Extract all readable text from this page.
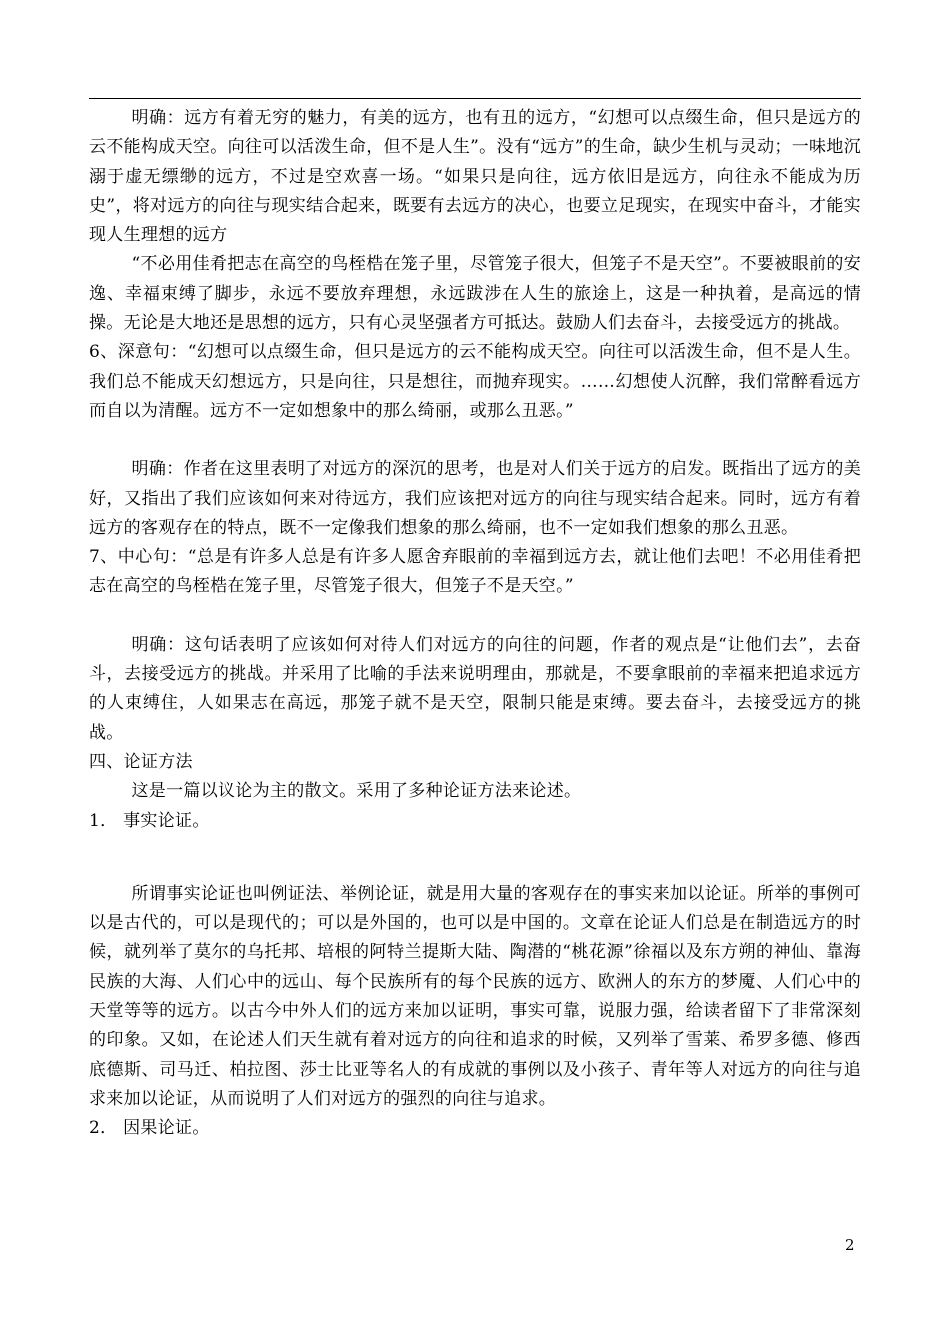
明确：远方有着无穷的魅力，有美的远方，也有丑的远方，“幻想可以点缀生命，但只是远方的云不能构成天空。向往可以活泼生命，但不是人生”。没有“远方”的生命，缺少生机与灵动；一味地沉溺于虚无缥缈的远方，不过是空欢喜一场。“如果只是向往，远方依旧是远方，向往永不能成为历史”，将对远方的向往与现实结合起来，既要有去远方的决心，也要立足现实，在现实中奋斗，才能实现人生理想的远方

“不必用佳肴把志在高空的鸟桎梏在笼子里，尽管笼子很大，但笼子不是天空”。不要被眼前的安逸、幸福束缚了脚步，永远不要放弃理想，永远跋涉在人生的旅途上，这是一种执着，是高远的情操。无论是大地还是思想的远方，只有心灵坚强者方可抵达。鼓励人们去奋斗，去接受远方的挑战。

6、深意句：“幻想可以点缀生命，但只是远方的云不能构成天空。向往可以活泼生命，但不是人生。我们总不能成天幻想远方，只是向往，只是想往，而抛弃现实。……幻想使人沉醉，我们常醉看远方而自以为清醒。远方不一定如想象中的那么绮丽，或那么丑恶。”

明确：作者在这里表明了对远方的深沉的思考，也是对人们关于远方的启发。既指出了远方的美好，又指出了我们应该如何来对待远方，我们应该把对远方的向往与现实结合起来。同时，远方有着远方的客观存在的特点，既不一定像我们想象的那么绮丽，也不一定如我们想象的那么丑恶。

7、中心句：“总是有许多人总是有许多人愿舍弃眼前的幸福到远方去，就让他们去吧！不必用佳肴把志在高空的鸟桎梏在笼子里，尽管笼子很大，但笼子不是天空。”

明确：这句话表明了应该如何对待人们对远方的向往的问题，作者的观点是“让他们去”，去奋斗，去接受远方的挑战。并采用了比喻的手法来说明理由，那就是，不要拿眼前的幸福来把追求远方的人束缚住，人如果志在高远，那笼子就不是天空，限制只能是束缚。要去奋斗，去接受远方的挑战。

四、论证方法

这是一篇以议论为主的散文。采用了多种论证方法来论述。

1． 事实论证。

所谓事实论证也叫例证法、举例论证，就是用大量的客观存在的事实来加以论证。所举的事例可以是古代的，可以是现代的；可以是外国的，也可以是中国的。文章在论证人们总是在制造远方的时候，就列举了莫尔的乌托邦、培根的阿特兰提斯大陆、陶潜的“桃花源”徐福以及东方朔的神仙、靠海民族的大海、人们心中的远山、每个民族所有的每个民族的远方、欧洲人的东方的梦魇、人们心中的天堂等等的远方。以古今中外人们的远方来加以证明，事实可靠，说服力强，给读者留下了非常深刻的印象。又如，在论述人们天生就有着对远方的向往和追求的时候，又列举了雪莱、希罗多德、修西底德斯、司马迁、柏拉图、莎士比亚等名人的有成就的事例以及小孩子、青年等人对远方的向往与追求来加以论证，从而说明了人们对远方的强烈的向往与追求。

2． 因果论证。

2
